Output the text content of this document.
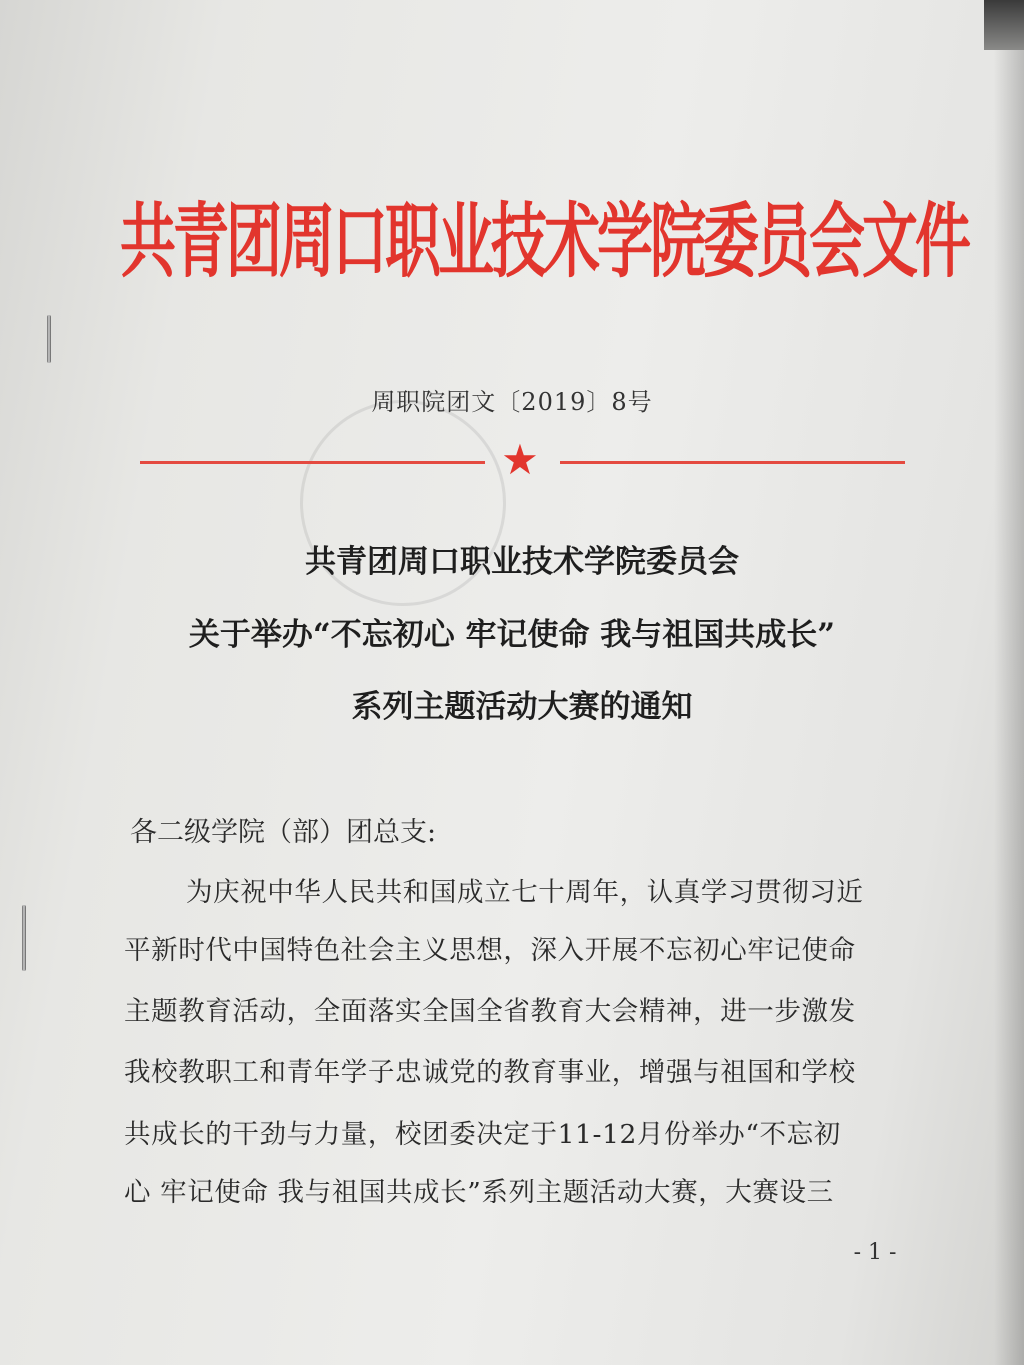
共青团周口职业技术学院委员会文件
周职院团文〔2019〕8号
★
共青团周口职业技术学院委员会
关于举办“不忘初心 牢记使命 我与祖国共成长”
系列主题活动大赛的通知
各二级学院（部）团总支:
为庆祝中华人民共和国成立七十周年，认真学习贯彻习近
平新时代中国特色社会主义思想，深入开展不忘初心牢记使命
主题教育活动，全面落实全国全省教育大会精神，进一步激发
我校教职工和青年学子忠诚党的教育事业，增强与祖国和学校
共成长的干劲与力量，校团委决定于11-12月份举办“不忘初
心 牢记使命 我与祖国共成长”系列主题活动大赛，大赛设三
- 1 -
